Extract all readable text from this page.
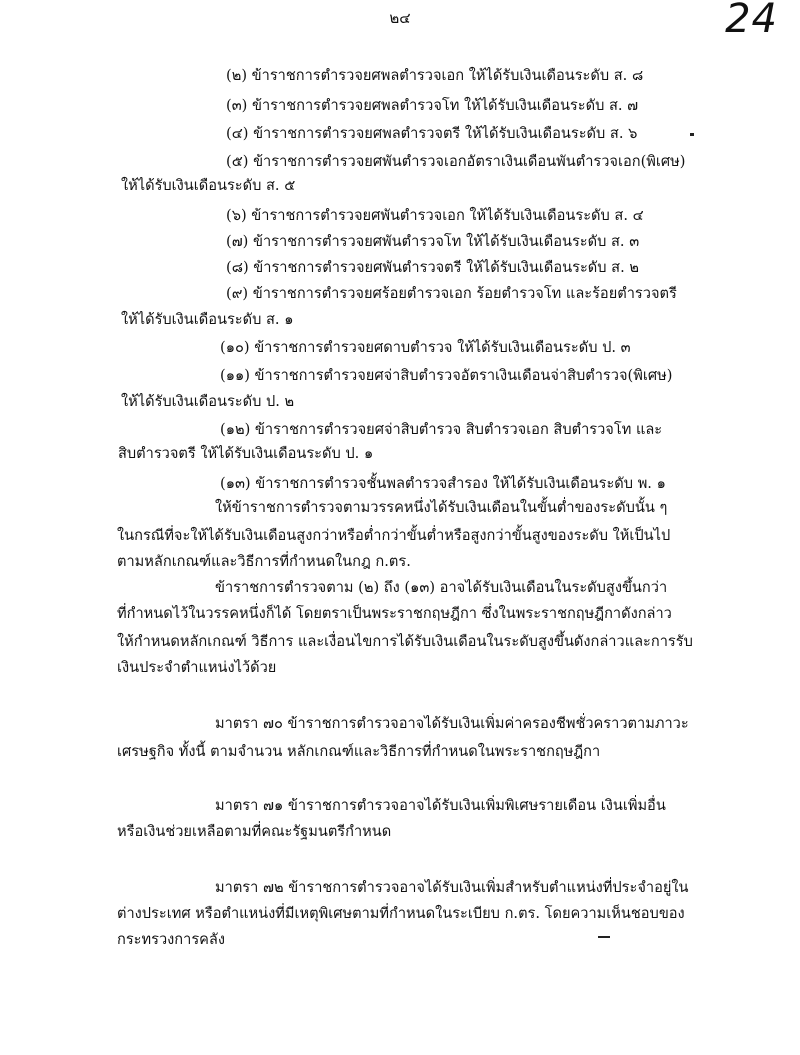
๒๔	24
(๒) ข้าราชการตำรวจยศพลตำรวจเอก ให้ได้รับเงินเดือนระดับ ส. ๘
(๓) ข้าราชการตำรวจยศพลตำรวจโท ให้ได้รับเงินเดือนระดับ ส. ๗
(๔) ข้าราชการตำรวจยศพลตำรวจตรี ให้ได้รับเงินเดือนระดับ ส. ๖
(๕) ข้าราชการตำรวจยศพันตำรวจเอกอัตราเงินเดือนพันตำรวจเอก(พิเศษ)
ให้ได้รับเงินเดือนระดับ ส. ๕
(๖) ข้าราชการตำรวจยศพันตำรวจเอก ให้ได้รับเงินเดือนระดับ ส. ๔
(๗) ข้าราชการตำรวจยศพันตำรวจโท ให้ได้รับเงินเดือนระดับ ส. ๓
(๘) ข้าราชการตำรวจยศพันตำรวจตรี ให้ได้รับเงินเดือนระดับ ส. ๒
(๙) ข้าราชการตำรวจยศร้อยตำรวจเอก ร้อยตำรวจโท และร้อยตำรวจตรี
ให้ได้รับเงินเดือนระดับ ส. ๑
(๑๐) ข้าราชการตำรวจยศดาบตำรวจ ให้ได้รับเงินเดือนระดับ ป. ๓
(๑๑) ข้าราชการตำรวจยศจ่าสิบตำรวจอัตราเงินเดือนจ่าสิบตำรวจ(พิเศษ)
ให้ได้รับเงินเดือนระดับ ป. ๒
(๑๒) ข้าราชการตำรวจยศจ่าสิบตำรวจ สิบตำรวจเอก สิบตำรวจโท และ
สิบตำรวจตรี ให้ได้รับเงินเดือนระดับ ป. ๑
(๑๓) ข้าราชการตำรวจชั้นพลตำรวจสำรอง ให้ได้รับเงินเดือนระดับ พ. ๑
ให้ข้าราชการตำรวจตามวรรคหนึ่งได้รับเงินเดือนในขั้นต่ำของระดับนั้น ๆ
ในกรณีที่จะให้ได้รับเงินเดือนสูงกว่าหรือต่ำกว่าขั้นต่ำหรือสูงกว่าขั้นสูงของระดับ ให้เป็นไป
ตามหลักเกณฑ์และวิธีการที่กำหนดในกฎ ก.ตร.
ข้าราชการตำรวจตาม (๒) ถึง (๑๓) อาจได้รับเงินเดือนในระดับสูงขึ้นกว่า
ที่กำหนดไว้ในวรรคหนึ่งก็ได้ โดยตราเป็นพระราชกฤษฎีกา ซึ่งในพระราชกฤษฎีกาดังกล่าว
ให้กำหนดหลักเกณฑ์ วิธีการ และเงื่อนไขการได้รับเงินเดือนในระดับสูงขึ้นดังกล่าวและการรับ
เงินประจำตำแหน่งไว้ด้วย
มาตรา ๗๐ ข้าราชการตำรวจอาจได้รับเงินเพิ่มค่าครองชีพชั่วคราวตามภาวะ
เศรษฐกิจ ทั้งนี้ ตามจำนวน หลักเกณฑ์และวิธีการที่กำหนดในพระราชกฤษฎีกา
มาตรา ๗๑ ข้าราชการตำรวจอาจได้รับเงินเพิ่มพิเศษรายเดือน เงินเพิ่มอื่น
หรือเงินช่วยเหลือตามที่คณะรัฐมนตรีกำหนด
มาตรา ๗๒ ข้าราชการตำรวจอาจได้รับเงินเพิ่มสำหรับตำแหน่งที่ประจำอยู่ใน
ต่างประเทศ หรือตำแหน่งที่มีเหตุพิเศษตามที่กำหนดในระเบียบ ก.ตร. โดยความเห็นชอบของ
กระทรวงการคลัง
